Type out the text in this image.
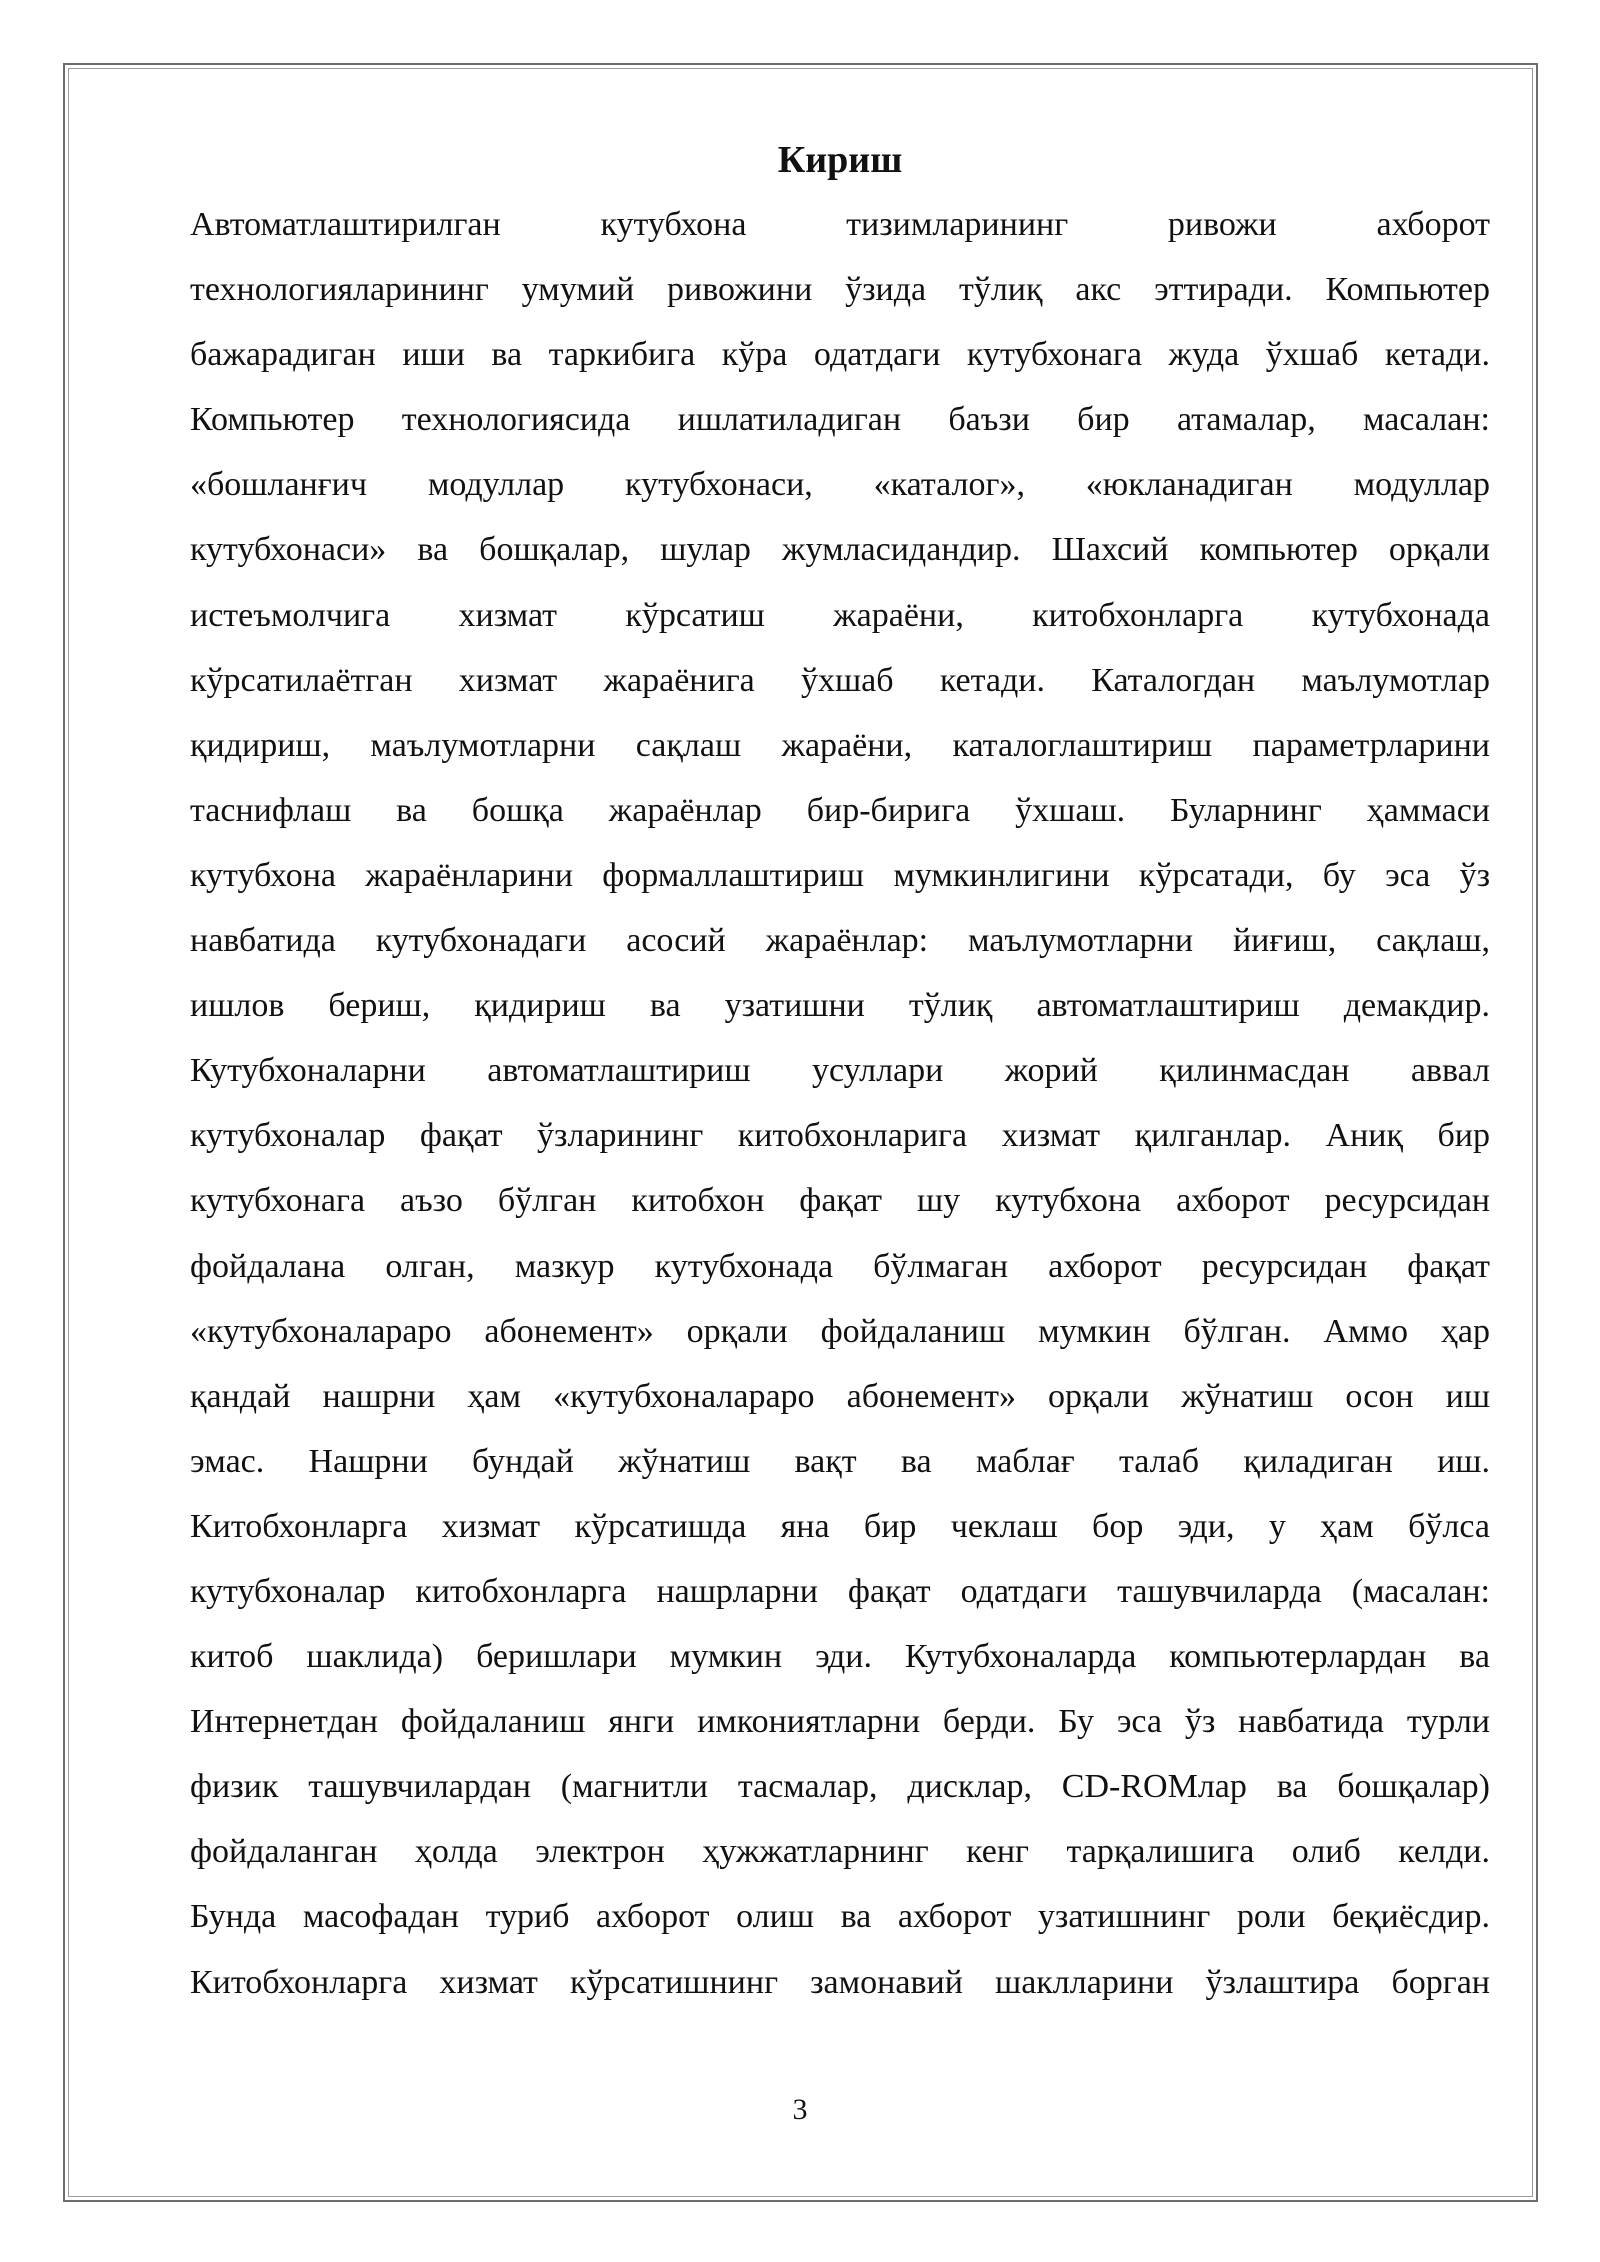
Кириш
Автоматлаштирилган кутубхона тизимларининг ривожи ахборот
технологияларининг умумий ривожини ўзида тўлиқ акс эттиради. Компьютер
бажарадиган иши ва таркибига кўра одатдаги кутубхонага жуда ўхшаб кетади.
Компьютер технологиясида ишлатиладиган баъзи бир атамалар, масалан:
«бошланғич модуллар кутубхонаси, «каталог», «юкланадиган модуллар
кутубхонаси» ва бошқалар, шулар жумласидандир. Шахсий компьютер орқали
истеъмолчига хизмат кўрсатиш жараёни, китобхонларга кутубхонада
кўрсатилаётган хизмат жараёнига ўхшаб кетади. Каталогдан маълумотлар
қидириш, маълумотларни сақлаш жараёни, каталоглаштириш параметрларини
таснифлаш ва бошқа жараёнлар бир-бирига ўхшаш. Буларнинг ҳаммаси
кутубхона жараёнларини формаллаштириш мумкинлигини кўрсатади, бу эса ўз
навбатида кутубхонадаги асосий жараёнлар: маълумотларни йиғиш, сақлаш,
ишлов бериш, қидириш ва узатишни тўлиқ автоматлаштириш демакдир.
Кутубхоналарни автоматлаштириш усуллари жорий қилинмасдан аввал
кутубхоналар фақат ўзларининг китобхонларига хизмат қилганлар. Аниқ бир
кутубхонага аъзо бўлган китобхон фақат шу кутубхона ахборот ресурсидан
фойдалана олган, мазкур кутубхонада бўлмаган ахборот ресурсидан фақат
«кутубхоналараро абонемент» орқали фойдаланиш мумкин бўлган. Аммо ҳар
қандай нашрни ҳам «кутубхоналараро абонемент» орқали жўнатиш осон иш
эмас. Нашрни бундай жўнатиш вақт ва маблағ талаб қиладиган иш.
Китобхонларга хизмат кўрсатишда яна бир чеклаш бор эди, у ҳам бўлса
кутубхоналар китобхонларга нашрларни фақат одатдаги ташувчиларда (масалан:
китоб шаклида) беришлари мумкин эди. Кутубхоналарда компьютерлардан ва
Интернетдан фойдаланиш янги имкониятларни берди. Бу эса ўз навбатида турли
физик ташувчилардан (магнитли тасмалар, дисклар, CD-ROMлар ва бошқалар)
фойдаланган ҳолда электрон ҳужжатларнинг кенг тарқалишига олиб келди.
Бунда масофадан туриб ахборот олиш ва ахборот узатишнинг роли беқиёсдир.
Китобхонларга хизмат кўрсатишнинг замонавий шаклларини ўзлаштира борган
3
